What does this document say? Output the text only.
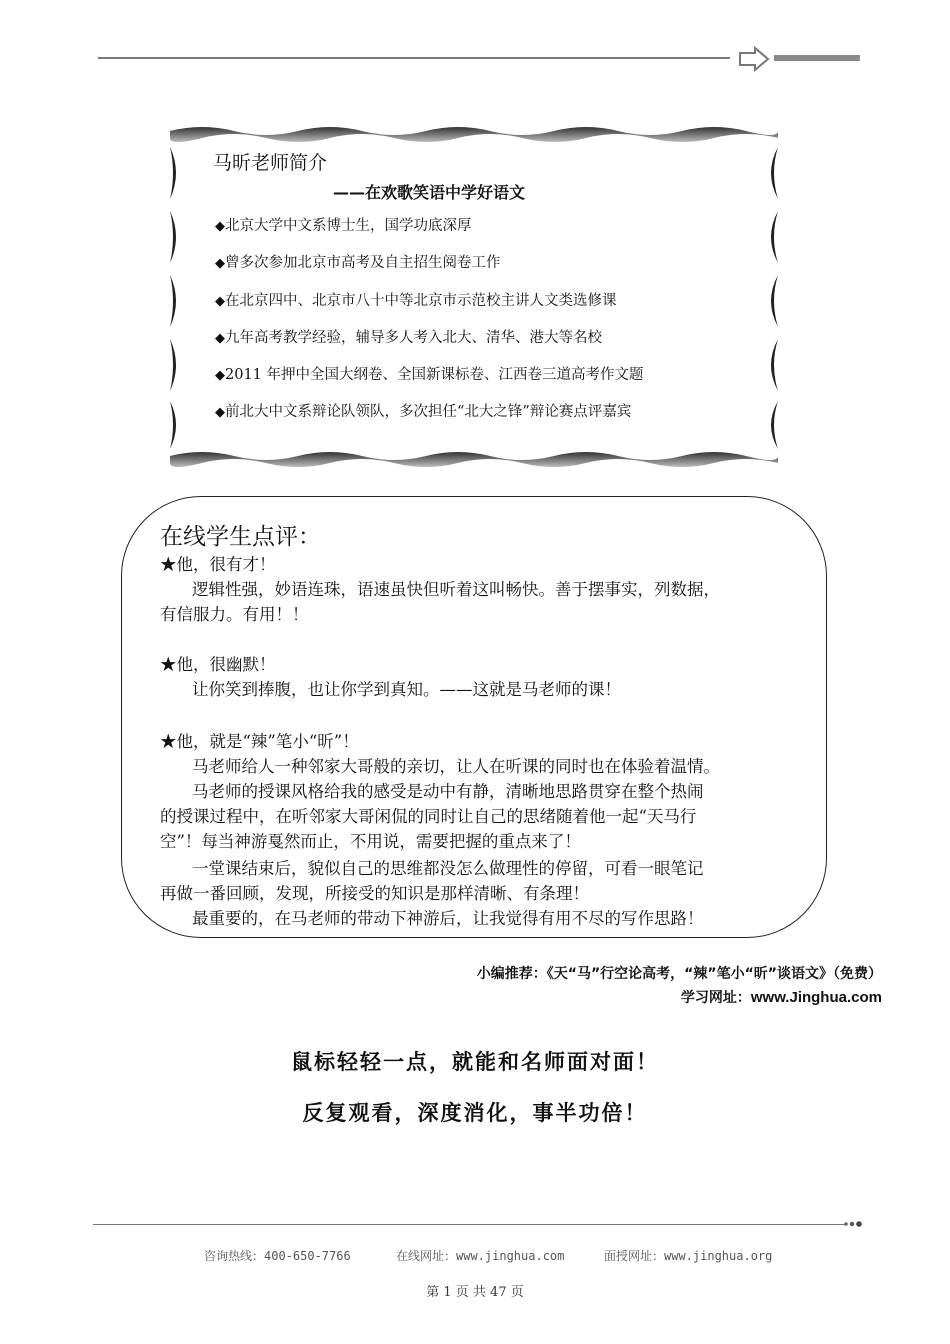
马昕老师简介
——在欢歌笑语中学好语文
◆北京大学中文系博士生，国学功底深厚
◆曾多次参加北京市高考及自主招生阅卷工作
◆在北京四中、北京市八十中等北京市示范校主讲人文类选修课
◆九年高考教学经验，辅导多人考入北大、清华、港大等名校
◆2011 年押中全国大纲卷、全国新课标卷、江西卷三道高考作文题
◆前北大中文系辩论队领队，多次担任“北大之锋”辩论赛点评嘉宾
在线学生点评：
★他，很有才！
逻辑性强，妙语连珠，语速虽快但听着这叫畅快。善于摆事实，列数据，
有信服力。有用！！
★他，很幽默！
让你笑到捧腹，也让你学到真知。——这就是马老师的课！
★他，就是“辣”笔小“昕”！
马老师给人一种邻家大哥般的亲切，让人在听课的同时也在体验着温情。
马老师的授课风格给我的感受是动中有静，清晰地思路贯穿在整个热闹
的授课过程中，在听邻家大哥闲侃的同时让自己的思绪随着他一起“天马行
空”！每当神游戛然而止，不用说，需要把握的重点来了！
一堂课结束后，貌似自己的思维都没怎么做理性的停留，可看一眼笔记
再做一番回顾，发现，所接受的知识是那样清晰、有条理！
最重要的，在马老师的带动下神游后，让我觉得有用不尽的写作思路！
小编推荐：《天“马”行空论高考，“辣”笔小“昕”谈语文》（免费）
学习网址：www.Jinghua.com
鼠标轻轻一点，就能和名师面对面！
反复观看，深度消化，事半功倍！
咨询热线：400-650-7766	在线网址：www.jinghua.com	面授网址：www.jinghua.org
第 1 页 共 47 页
